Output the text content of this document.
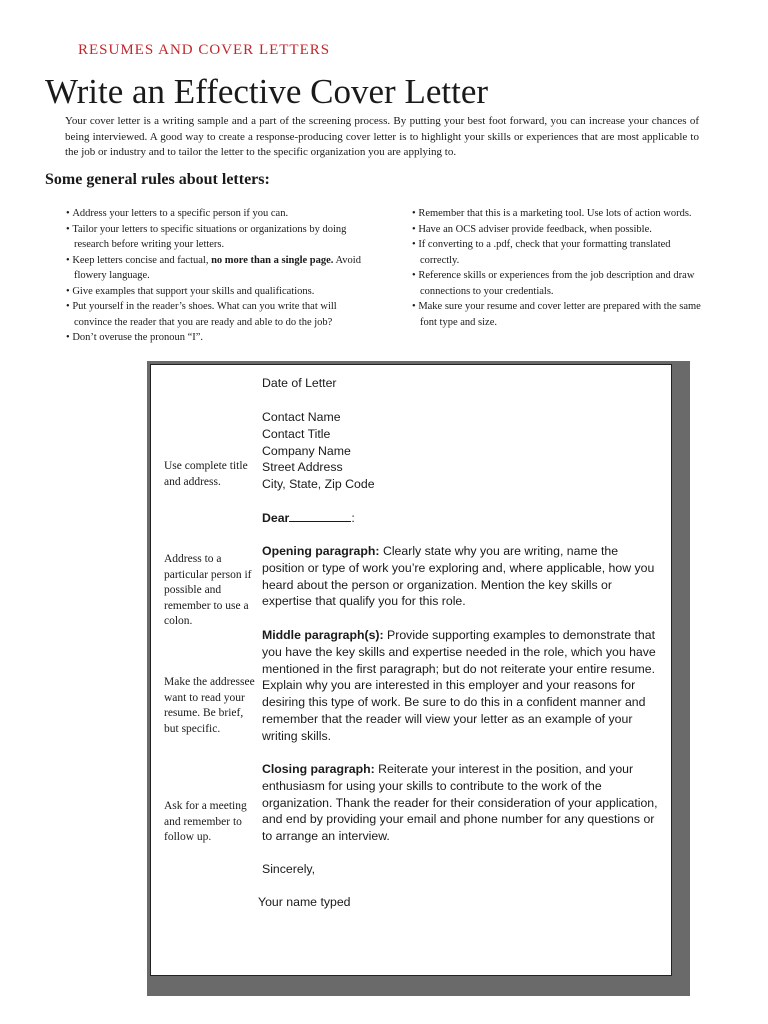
RESUMES AND COVER LETTERS
Write an Effective Cover Letter
Your cover letter is a writing sample and a part of the screening process. By putting your best foot forward, you can increase your chances of being interviewed. A good way to create a response-producing cover letter is to highlight your skills or experiences that are most applicable to the job or industry and to tailor the letter to the specific organization you are applying to.
Some general rules about letters:
• Address your letters to a specific person if you can.
• Tailor your letters to specific situations or organizations by doing research before writing your letters.
• Keep letters concise and factual, no more than a single page. Avoid flowery language.
• Give examples that support your skills and qualifications.
• Put yourself in the reader’s shoes. What can you write that will convince the reader that you are ready and able to do the job?
• Don’t overuse the pronoun “I”.
• Remember that this is a marketing tool. Use lots of action words.
• Have an OCS adviser provide feedback, when possible.
• If converting to a .pdf, check that your formatting translated correctly.
• Reference skills or experiences from the job description and draw connections to your credentials.
• Make sure your resume and cover letter are prepared with the same font type and size.
Use complete title and address.
Address to a particular person if possible and remember to use a colon.
Make the addressee want to read your resume. Be brief, but specific.
Ask for a meeting and remember to follow up.
Date of Letter
Contact Name
Contact Title
Company Name
Street Address
City, State, Zip Code
Dear	:
Opening paragraph: Clearly state why you are writing, name the position or type of work you’re exploring and, where applicable, how you heard about the person or organization. Mention the key skills or expertise that qualify you for this role.
Middle paragraph(s): Provide supporting examples to demonstrate that you have the key skills and expertise needed in the role, which you have mentioned in the first paragraph; but do not reiterate your entire resume. Explain why you are interested in this employer and your reasons for desiring this type of work. Be sure to do this in a confident manner and remember that the reader will view your letter as an example of your writing skills.
Closing paragraph: Reiterate your interest in the position, and your enthusiasm for using your skills to contribute to the work of the organization. Thank the reader for their consideration of your application, and end by providing your email and phone number for any questions or to arrange an interview.
Sincerely,
Your name typed
